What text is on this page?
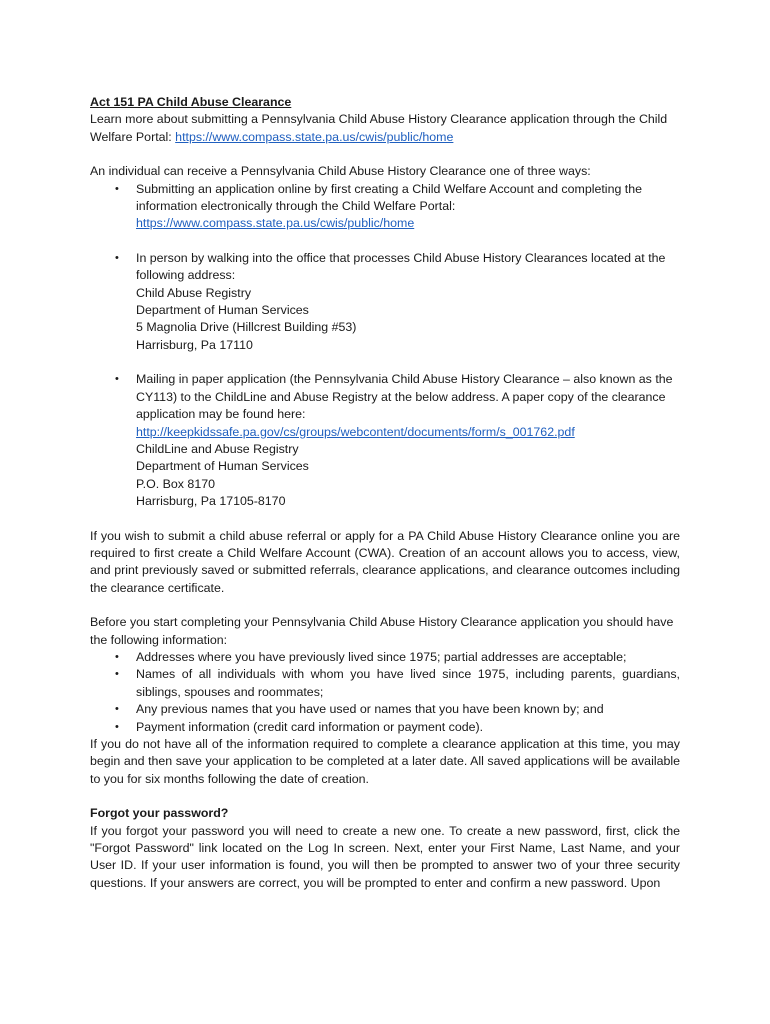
Act 151 PA Child Abuse Clearance

Learn more about submitting a Pennsylvania Child Abuse History Clearance application through the Child Welfare Portal: https://www.compass.state.pa.us/cwis/public/home

An individual can receive a Pennsylvania Child Abuse History Clearance one of three ways:

• Submitting an application online by first creating a Child Welfare Account and completing the information electronically through the Child Welfare Portal:
https://www.compass.state.pa.us/cwis/public/home
• In person by walking into the office that processes Child Abuse History Clearances located at the following address:
Child Abuse Registry
Department of Human Services
5 Magnolia Drive (Hillcrest Building #53)
Harrisburg, Pa 17110
• Mailing in paper application (the Pennsylvania Child Abuse History Clearance – also known as the CY113) to the ChildLine and Abuse Registry at the below address. A paper copy of the clearance application may be found here:
http://keepkidssafe.pa.gov/cs/groups/webcontent/documents/form/s_001762.pdf
ChildLine and Abuse Registry
Department of Human Services
P.O. Box 8170
Harrisburg, Pa 17105-8170

If you wish to submit a child abuse referral or apply for a PA Child Abuse History Clearance online you are required to first create a Child Welfare Account (CWA). Creation of an account allows you to access, view, and print previously saved or submitted referrals, clearance applications, and clearance outcomes including the clearance certificate.

Before you start completing your Pennsylvania Child Abuse History Clearance application you should have the following information:

• Addresses where you have previously lived since 1975; partial addresses are acceptable;
• Names of all individuals with whom you have lived since 1975, including parents, guardians, siblings, spouses and roommates;
• Any previous names that you have used or names that you have been known by; and
• Payment information (credit card information or payment code).

If you do not have all of the information required to complete a clearance application at this time, you may begin and then save your application to be completed at a later date. All saved applications will be available to you for six months following the date of creation.

Forgot your password?

If you forgot your password you will need to create a new one. To create a new password, first, click the "Forgot Password" link located on the Log In screen. Next, enter your First Name, Last Name, and your User ID. If your user information is found, you will then be prompted to answer two of your three security questions. If your answers are correct, you will be prompted to enter and confirm a new password. Upon
